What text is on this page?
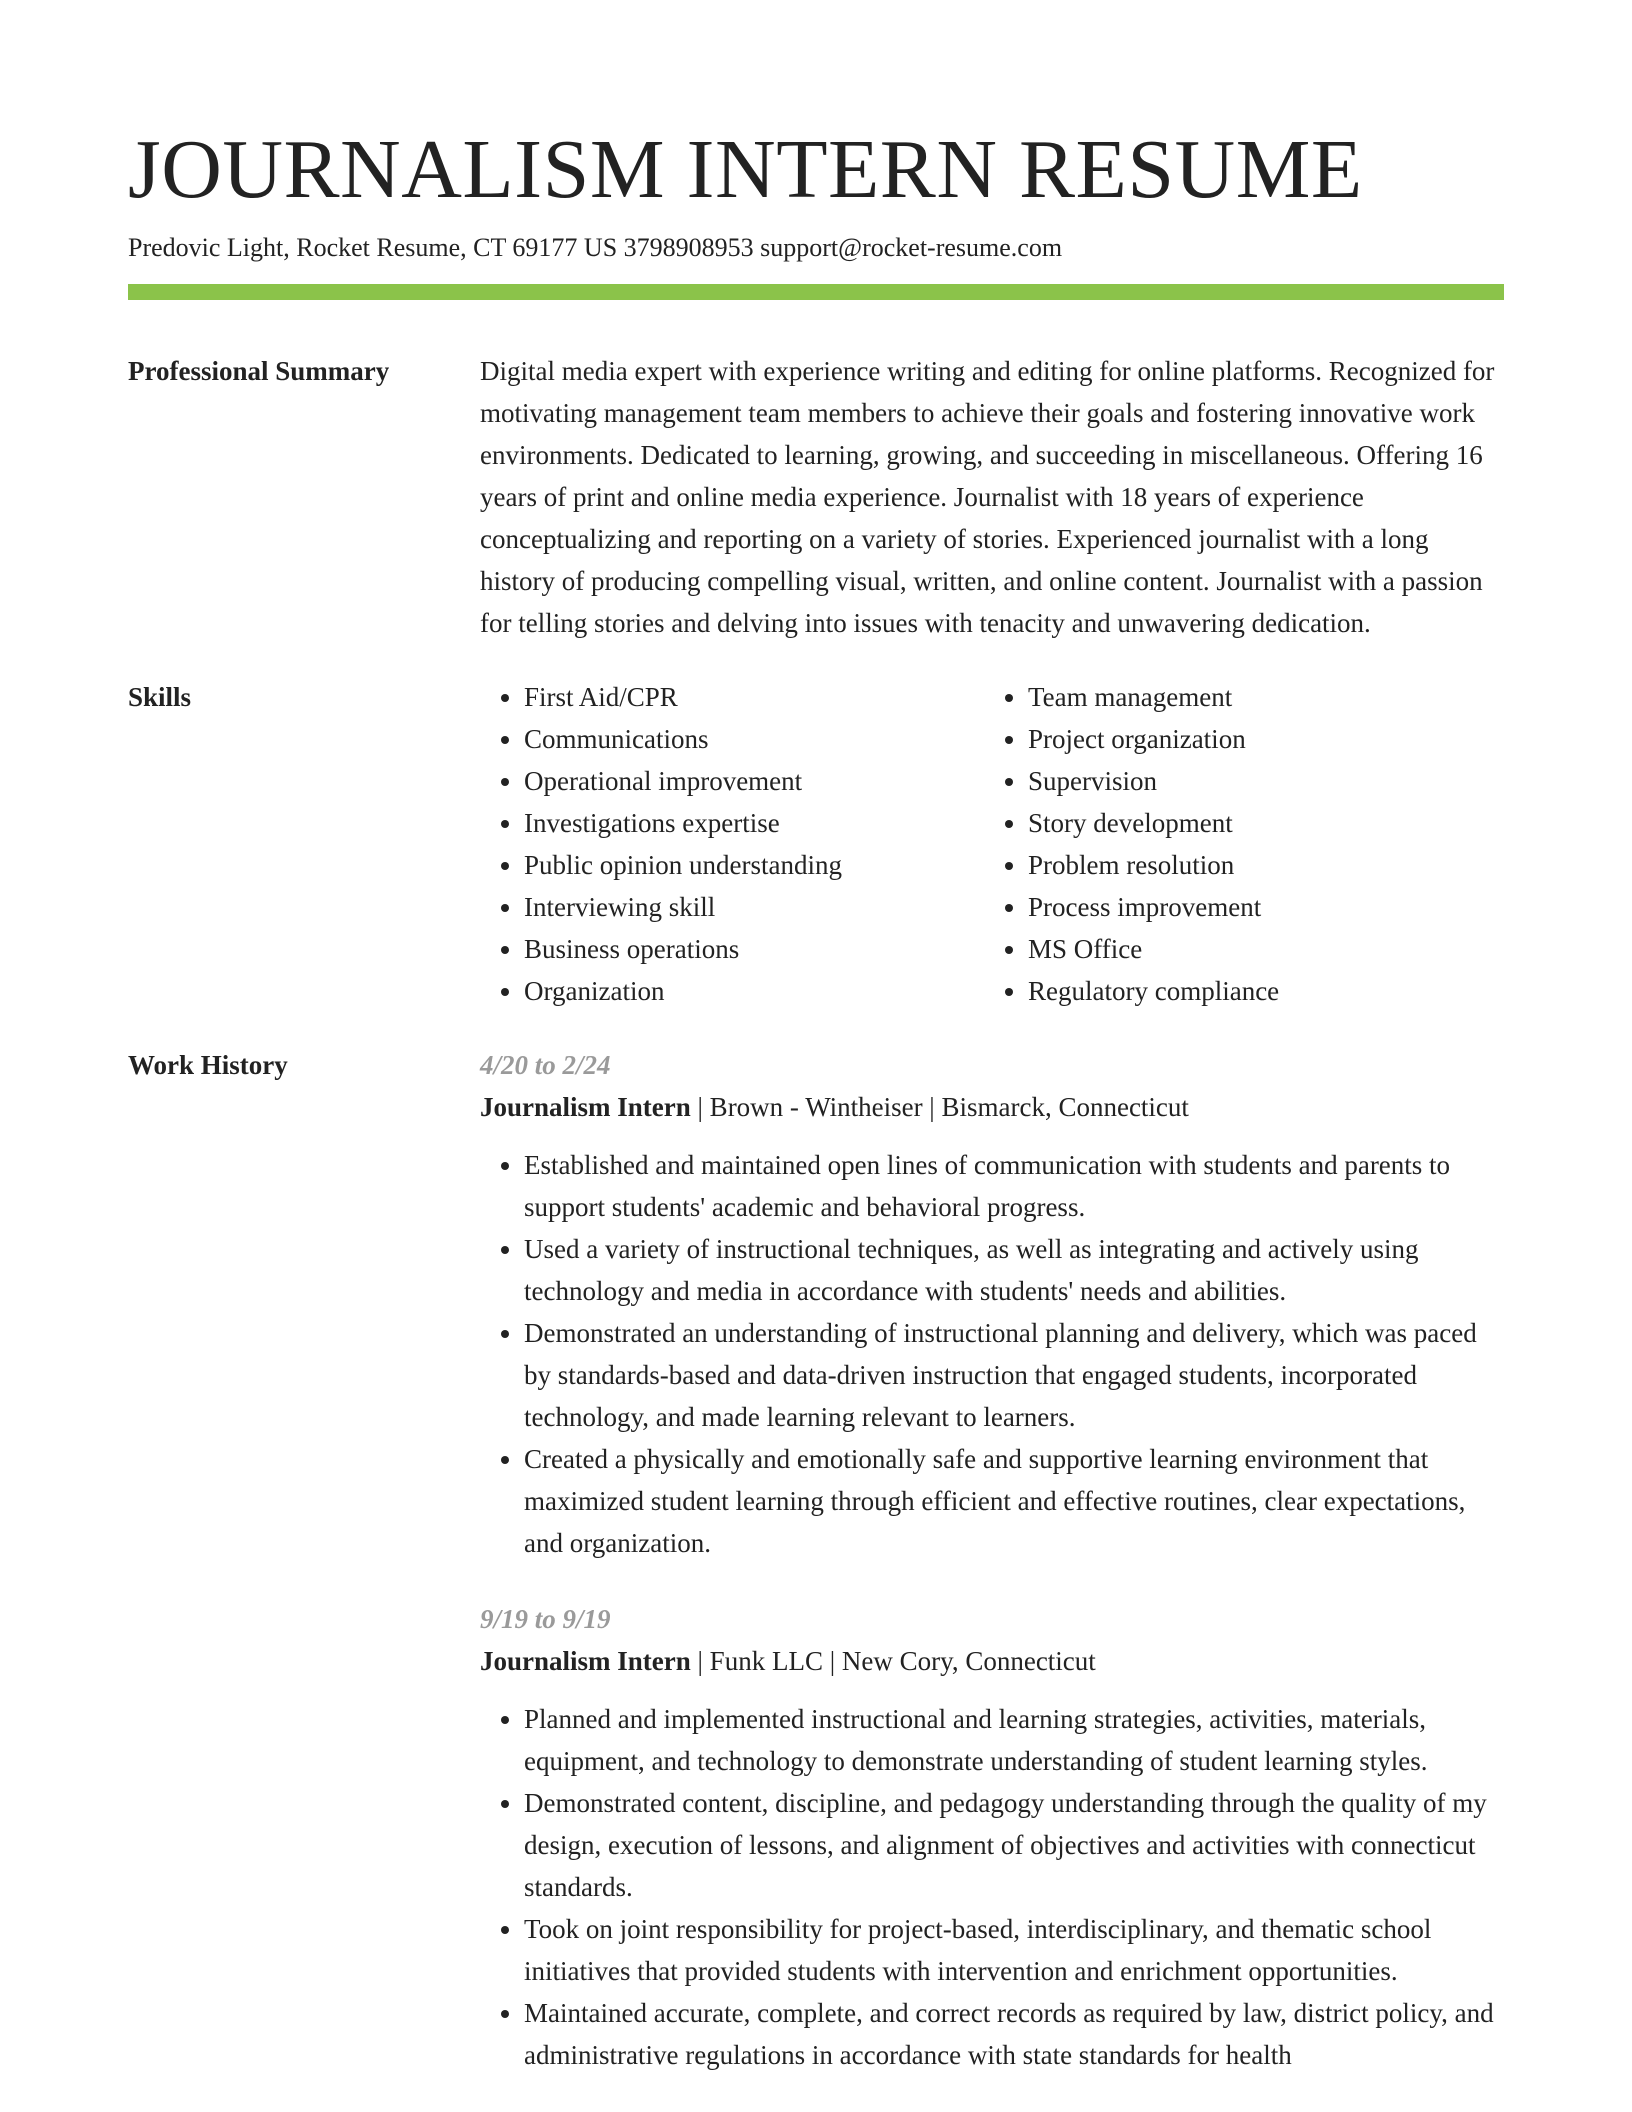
JOURNALISM INTERN RESUME
Predovic Light, Rocket Resume, CT 69177 US 3798908953 support@rocket-resume.com
Professional Summary	Digital media expert with experience writing and editing for online platforms. Recognized for motivating management team members to achieve their goals and fostering innovative work environments. Dedicated to learning, growing, and succeeding in miscellaneous. Offering 16 years of print and online media experience. Journalist with 18 years of experience conceptualizing and reporting on a variety of stories. Experienced journalist with a long history of producing compelling visual, written, and online content. Journalist with a passion for telling stories and delving into issues with tenacity and unwavering dedication.

Skills
•	First Aid/CPR
• Communications
• Operational improvement
• Investigations expertise
• Public opinion understanding
• Interviewing skill
• Business operations
• Organization
• Team management
• Project organization
• Supervision
• Story development
• Problem resolution
• Process improvement
• MS Office
• Regulatory compliance
Work History	4/20 to 2/24
Journalism Intern | Brown - Wintheiser | Bismarck, Connecticut
• Established and maintained open lines of communication with students and parents to support students' academic and behavioral progress.
• Used a variety of instructional techniques, as well as integrating and actively using technology and media in accordance with students' needs and abilities.
• Demonstrated an understanding of instructional planning and delivery, which was paced by standards-based and data-driven instruction that engaged students, incorporated technology, and made learning relevant to learners.
• Created a physically and emotionally safe and supportive learning environment that maximized student learning through efficient and effective routines, clear expectations, and organization.
9/19 to 9/19
Journalism Intern | Funk LLC | New Cory, Connecticut
• Planned and implemented instructional and learning strategies, activities, materials, equipment, and technology to demonstrate understanding of student learning styles.
• Demonstrated content, discipline, and pedagogy understanding through the quality of my design, execution of lessons, and alignment of objectives and activities with connecticut standards.
• Took on joint responsibility for project-based, interdisciplinary, and thematic school initiatives that provided students with intervention and enrichment opportunities.
• Maintained accurate, complete, and correct records as required by law, district policy, and administrative regulations in accordance with state standards for health
